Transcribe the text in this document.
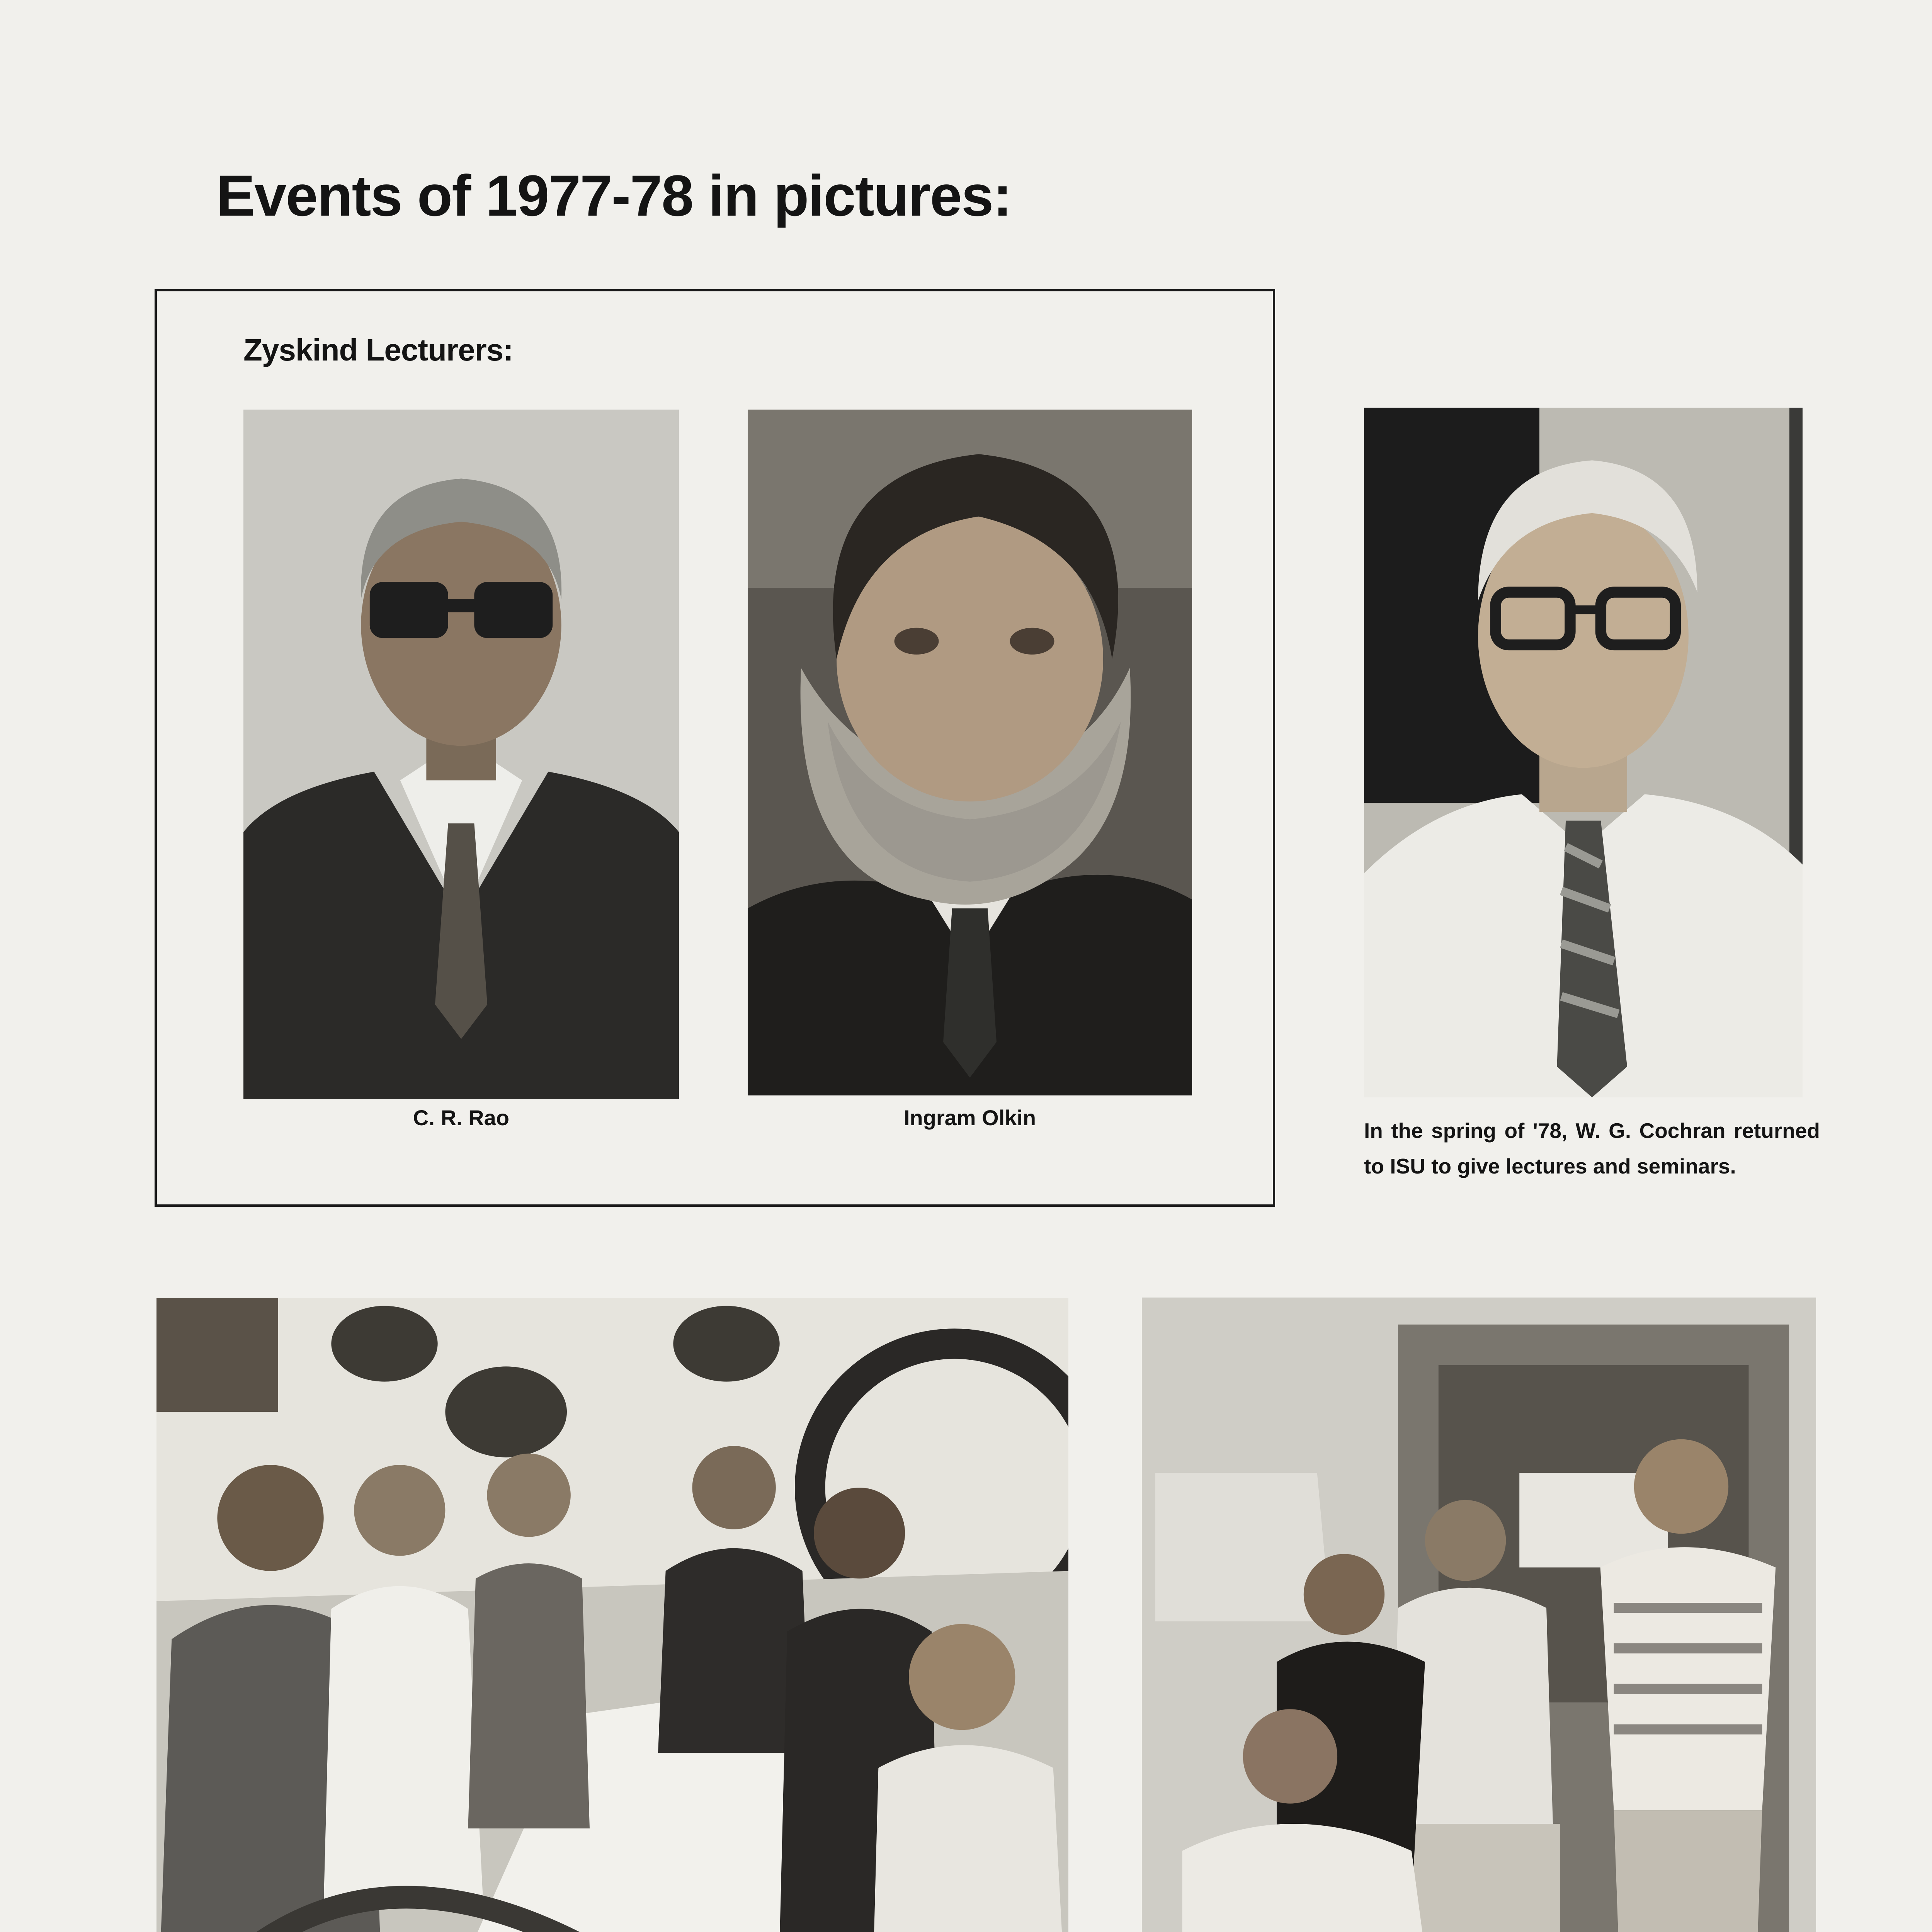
Events of 1977-78 in pictures:
Zyskind Lecturers:
C. R. Rao	Ingram Olkin
In the spring of '78, W. G. Cochran returned to ISU to give lectures and seminars.
